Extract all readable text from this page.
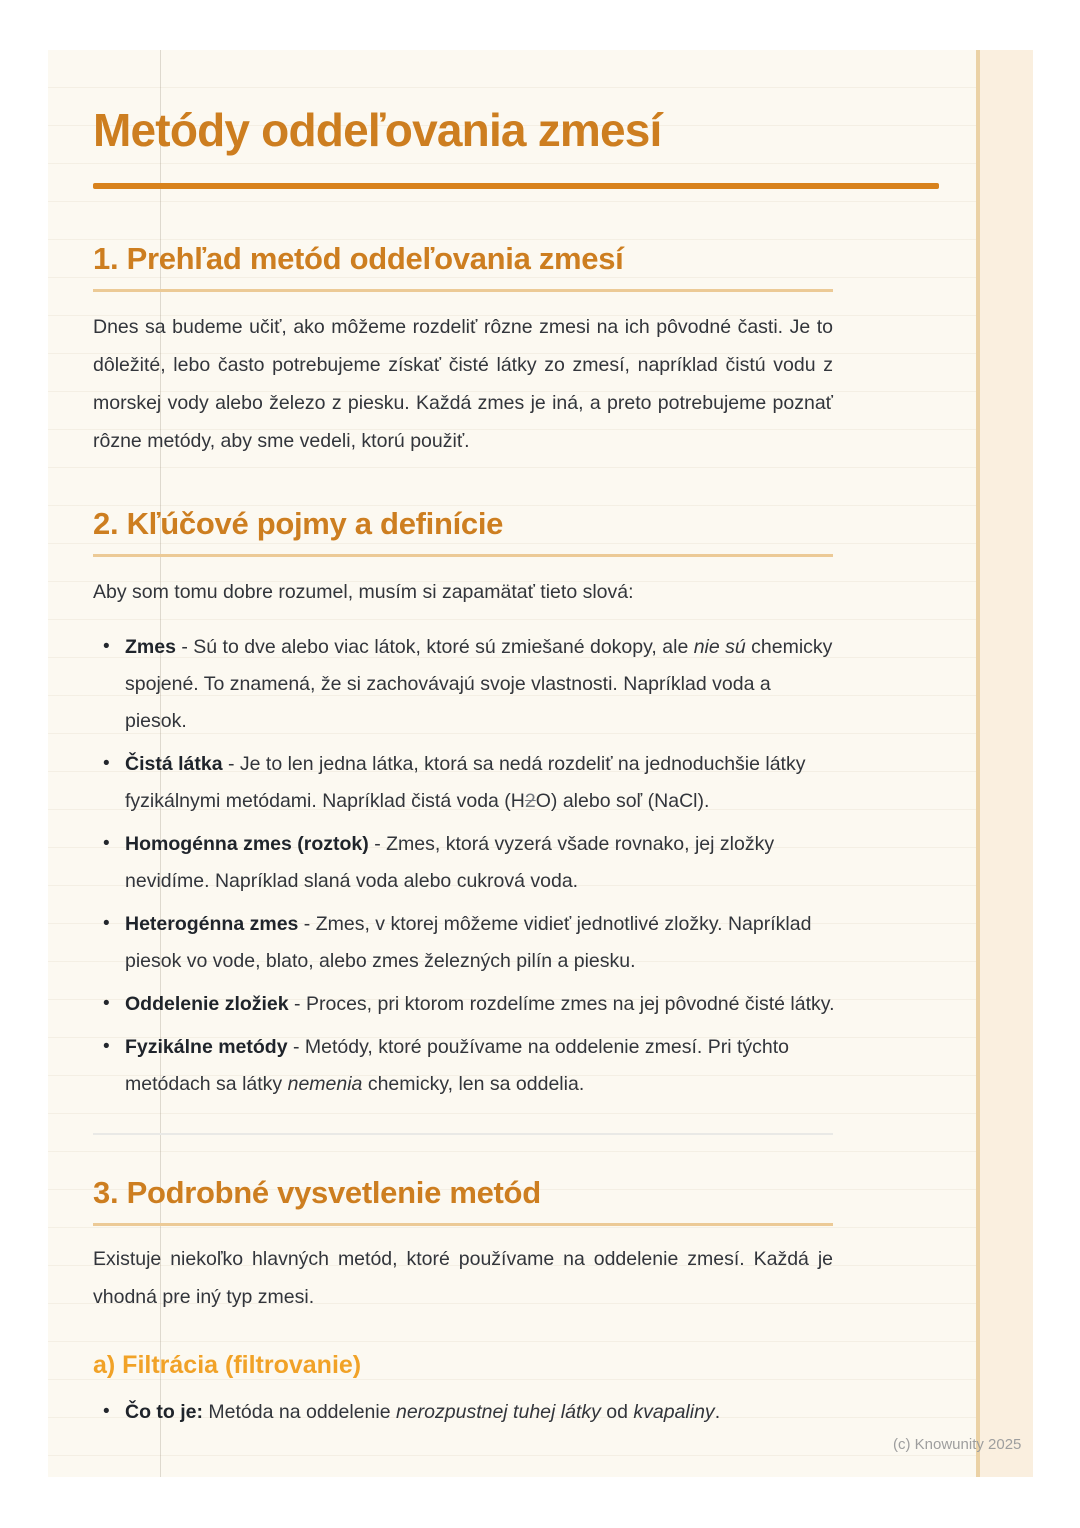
Metódy oddeľovania zmesí
1. Prehľad metód oddeľovania zmesí

Dnes sa budeme učiť, ako môžeme rozdeliť rôzne zmesi na ich pôvodné časti. Je to dôležité, lebo často potrebujeme získať čisté látky zo zmesí, napríklad čistú vodu z morskej vody alebo železo z piesku. Každá zmes je iná, a preto potrebujeme poznať rôzne metódy, aby sme vedeli, ktorú použiť.

2. Kľúčové pojmy a definície

Aby som tomu dobre rozumel, musím si zapamätať tieto slová:

• Zmes - Sú to dve alebo viac látok, ktoré sú zmiešané dokopy, ale nie sú chemicky spojené. To znamená, že si zachovávajú svoje vlastnosti. Napríklad voda a piesok.
• Čistá látka - Je to len jedna látka, ktorá sa nedá rozdeliť na jednoduchšie látky fyzikálnymi metódami. Napríklad čistá voda (H2O) alebo soľ (NaCl).
• Homogénna zmes (roztok) - Zmes, ktorá vyzerá všade rovnako, jej zložky nevidíme. Napríklad slaná voda alebo cukrová voda.
• Heterogénna zmes - Zmes, v ktorej môžeme vidieť jednotlivé zložky. Napríklad piesok vo vode, blato, alebo zmes železných pilín a piesku.
• Oddelenie zložiek - Proces, pri ktorom rozdelíme zmes na jej pôvodné čisté látky.
• Fyzikálne metódy - Metódy, ktoré používame na oddelenie zmesí. Pri týchto metódach sa látky nemenia chemicky, len sa oddelia.
3. Podrobné vysvetlenie metód

Existuje niekoľko hlavných metód, ktoré používame na oddelenie zmesí. Každá je vhodná pre iný typ zmesi.

a) Filtrácia (filtrovanie)
• Čo to je: Metóda na oddelenie nerozpustnej tuhej látky od kvapaliny.
(c) Knowunity 2025
